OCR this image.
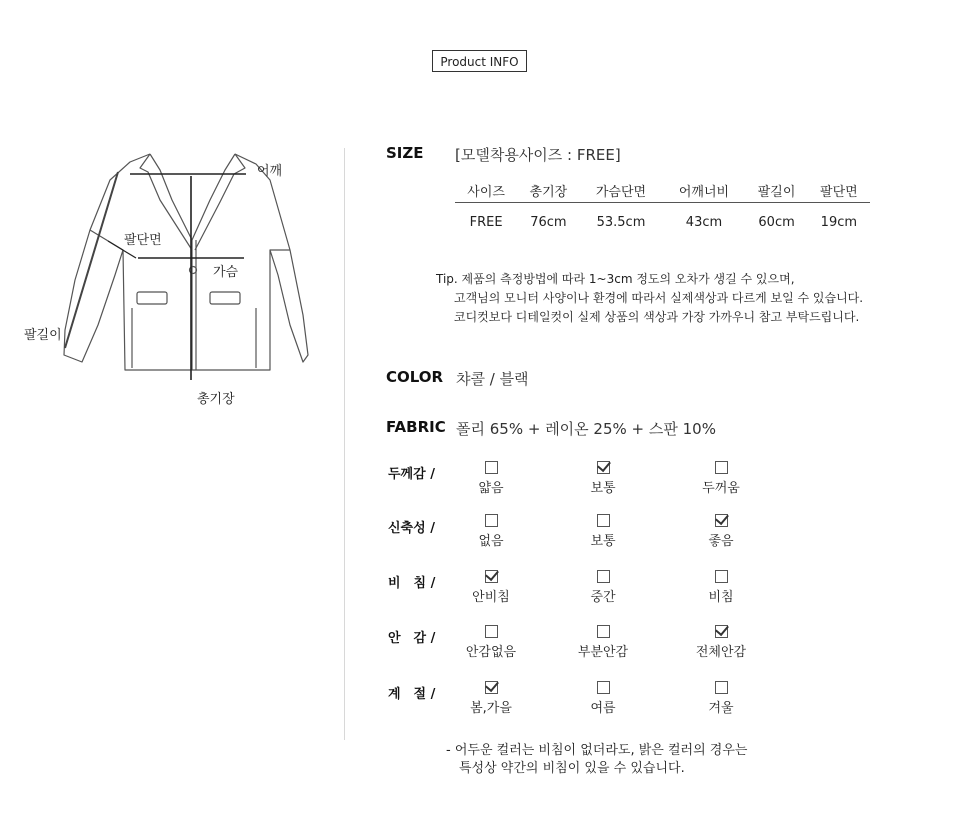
Product INFO
어깨
팔단면
가슴
팔길이
총기장
SIZE [모델착용사이즈 : FREE]
사이즈	총기장	가슴단면	어깨너비	팔길이	팔단면
FREE	76cm	53.5cm	43cm	60cm	19cm
Tip. 제품의 측정방법에 따라 1~3cm 정도의 오차가 생길 수 있으며,
고객님의 모니터 사양이나 환경에 따라서 실제색상과 다르게 보일 수 있습니다.
코디컷보다 디테일컷이 실제 상품의 색상과 가장 가까우니 참고 부탁드립니다.
COLOR 챠콜 / 블랙
FABRIC 폴리 65% + 레이온 25% + 스판 10%
두께감 /
얇음	보통	두꺼움
신축성 /
없음	보통	좋음
비　침 /
안비침	중간	비침
안　감 /
안감없음	부분안감	전체안감
계　절 /
봄,가을	여름	겨울
- 어두운 컬러는 비침이 없더라도, 밝은 컬러의 경우는
특성상 약간의 비침이 있을 수 있습니다.
